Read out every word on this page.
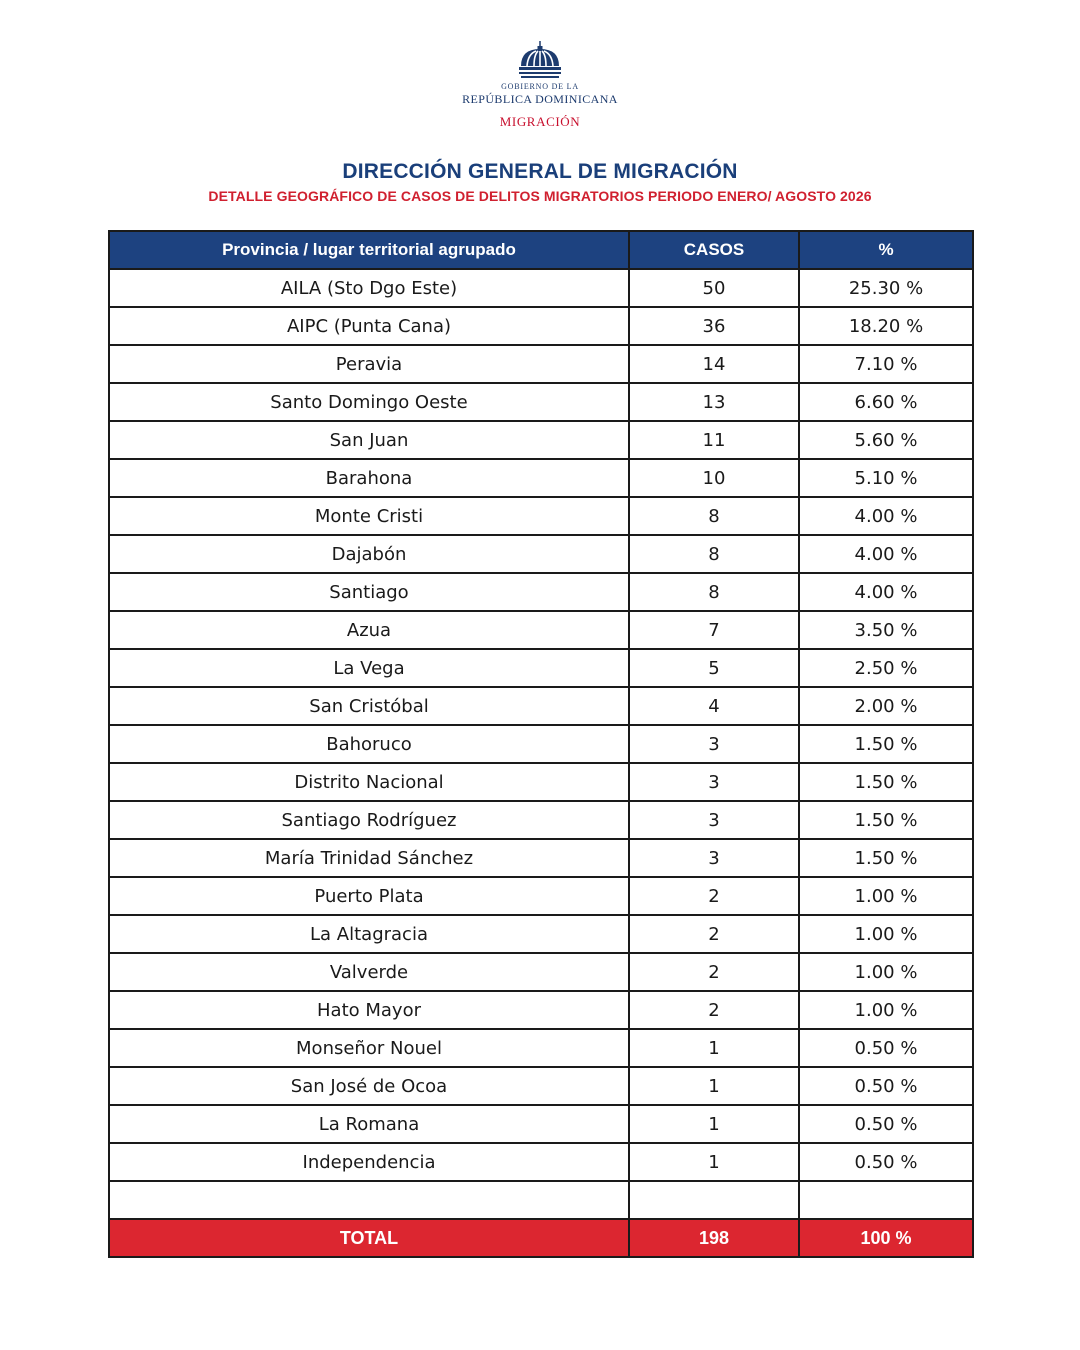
GOBIERNO DE LA
REPÚBLICA DOMINICANA
MIGRACIÓN
DIRECCIÓN GENERAL DE MIGRACIÓN
DETALLE GEOGRÁFICO DE CASOS DE DELITOS MIGRATORIOS PERIODO ENERO/ AGOSTO 2026
Provincia / lugar territorial agrupado	CASOS	%
AILA (Sto Dgo Este)	50	25.30 %
AIPC (Punta Cana)	36	18.20 %
Peravia	14	7.10 %
Santo Domingo Oeste	13	6.60 %
San Juan	11	5.60 %
Barahona	10	5.10 %
Monte Cristi	8	4.00 %
Dajabón	8	4.00 %
Santiago	8	4.00 %
Azua	7	3.50 %
La Vega	5	2.50 %
San Cristóbal	4	2.00 %
Bahoruco	3	1.50 %
Distrito Nacional	3	1.50 %
Santiago Rodríguez	3	1.50 %
María Trinidad Sánchez	3	1.50 %
Puerto Plata	2	1.00 %
La Altagracia	2	1.00 %
Valverde	2	1.00 %
Hato Mayor	2	1.00 %
Monseñor Nouel	1	0.50 %
San José de Ocoa	1	0.50 %
La Romana	1	0.50 %
Independencia	1	0.50 %

TOTAL	198	100 %
